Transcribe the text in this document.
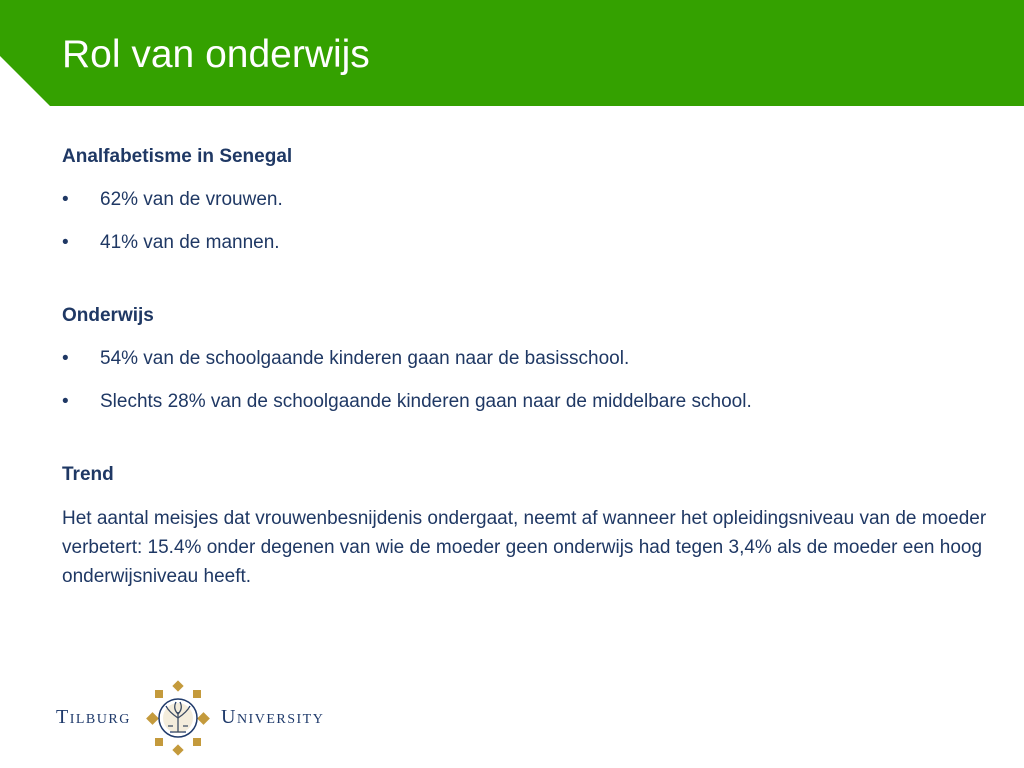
Rol van onderwijs
Analfabetisme in Senegal
•	62% van de vrouwen.
•	41% van de mannen.
Onderwijs
•	54% van de schoolgaande kinderen gaan naar de basisschool.
•	Slechts 28% van de schoolgaande kinderen gaan naar de middelbare school.
Trend

Het aantal meisjes dat vrouwenbesnijdenis ondergaat, neemt af wanneer het opleidingsniveau van de moeder verbetert: 15.4% onder degenen van wie de moeder geen onderwijs had tegen 3,4% als de moeder een hoog onderwijsniveau heeft.

Tilburg	University
